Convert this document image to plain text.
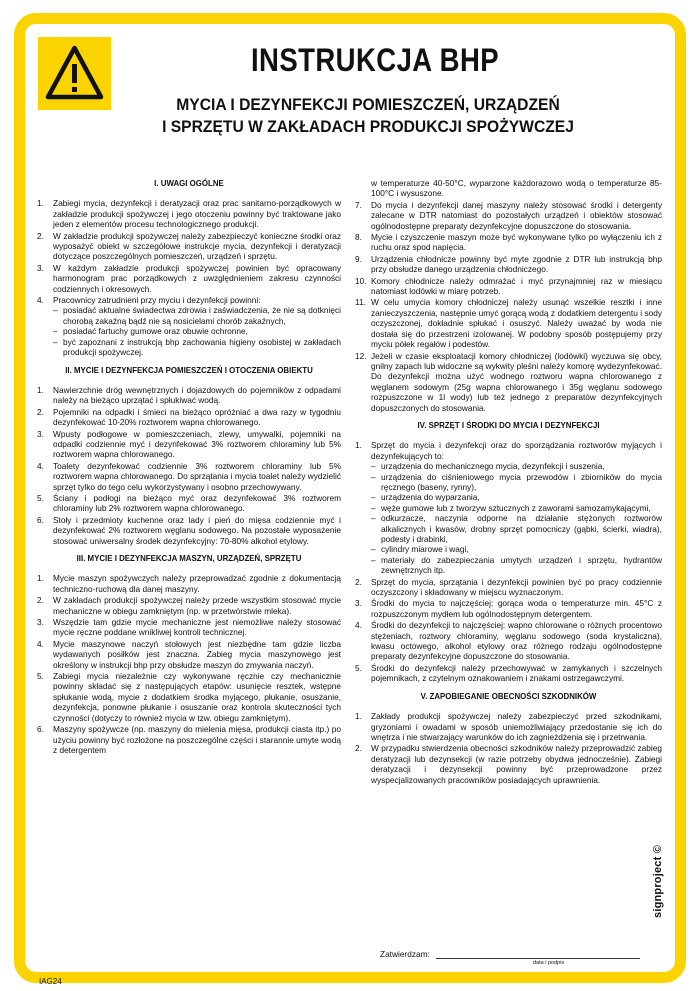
INSTRUKCJA BHP
MYCIA I DEZYNFEKCJI POMIESZCZEŃ, URZĄDZEŃ
I SPRZĘTU W ZAKŁADACH PRODUKCJI SPOŻYWCZEJ
I. UWAGI OGÓLNE
1.	Zabiegi mycia, dezynfekcji i deratyzacji oraz prac sanitarno-porządkowych w zakładzie produkcji spożywczej i jego otoczeniu powinny być traktowane jako jeden z elementów procesu technologicznego produkcji.
2.	W zakładzie produkcji spożywczej należy zabezpieczyć konieczne środki oraz wyposażyć obiekt w szczegółowe instrukcje mycia, dezynfekcji i deratyzacji dotyczące poszczególnych pomieszczeń, urządzeń i sprzętu.
3.	W każdym zakładzie produkcji spożywczej powinien być opracowany harmonogram prac porządkowych z uwzględnieniem zakresu czynności codziennych i okresowych.
4.	Pracownicy zatrudnieni przy myciu i dezynfekcji powinni:
– posiadać aktualne świadectwa zdrowia i zaświadczenia, że nie są dotknięci chorobą zakaźną bądź nie są nosicielami chorób zakaźnych,
– posiadać fartuchy gumowe oraz obuwie ochronne,
– być zapoznani z instrukcją bhp zachowania higieny osobistej w zakładach produkcji spożywczej.
II. MYCIE I DEZYNFEKCJA POMIESZCZEŃ I OTOCZENIA OBIEKTU
1.	Nawierzchnie dróg wewnętrznych i dojazdowych do pojemników z odpadami należy na bieżąco uprzątać i spłukiwać wodą.
2.	Pojemniki na odpadki i śmieci na bieżąco opróżniać a dwa razy w tygodniu dezynfekować 10-20% roztworem wapna chlorowanego.
3.	Wpusty podłogowe w pomieszczeniach, zlewy, umywalki, pojemniki na odpadki codziennie myć i dezynfekować 3% roztworem chloraminy lub 5% roztworem wapna chlorowanego.
4.	Toalety dezynfekować codziennie 3% roztworem chloraminy lub 5% roztworem wapna chlorowanego. Do sprzątania i mycia toalet należy wydzielić sprzęt tylko do tego celu wykorzystywany i osobno przechowywany.
5.	Ściany i podłogi na bieżąco myć oraz dezynfekować 3% roztworem chloraminy lub 2% roztworem wapna chlorowanego.
6.	Stoły i przedmioty kuchenne oraz lady i pień do mięsa codziennie myć i dezynfekować 2% roztworem węglanu sodowego. Na pozostałe wyposażenie stosować uniwersalny środek dezynfekcyjny: 70-80% alkohol etylowy.
III. MYCIE I DEZYNFEKCJA MASZYN, URZĄDZEŃ, SPRZĘTU
1.	Mycie maszyn spożywczych należy przeprowadzać zgodnie z dokumentacją techniczno-ruchową dla danej maszyny.
2.	W zakładach produkcji spożywczej należy przede wszystkim stosować mycie mechaniczne w obiegu zamkniętym (np. w przetwórstwie mleka).
3.	Wszędzie tam gdzie mycie mechaniczne jest niemożliwe należy stosować mycie ręczne poddane wnikliwej kontroli technicznej.
4.	Mycie maszynowe naczyń stołowych jest niezbędne tam gdzie liczba wydawanych posiłków jest znaczna. Zabieg mycia maszynowego jest określony w instrukcji bhp przy obsłudze maszyn do zmywania naczyń.
5.	Zabiegi mycia niezależnie czy wykonywane ręcznie czy mechanicznie powinny składać się z następujących etapów: usunięcie resztek, wstępne spłukanie wodą, mycie z dodatkiem środka myjącego, płukanie, osuszanie, dezynfekcja, ponowne płukanie i osuszanie oraz kontrola skuteczności tych czynności (dotyczy to również mycia w tzw. obiegu zamkniętym).
6.	Maszyny spożywcze (np. maszyny do mielenia mięsa, produkcji ciasta itp.) po użyciu powinny być rozłożone na poszczególne części i starannie umyte wodą z detergentem
w temperaturze 40-50°C, wyparzone każdorazowo wodą o temperaturze 85-100°C i wysuszone.
7.	Do mycia i dezynfekcji danej maszyny należy stosować środki i detergenty zalecane w DTR natomiast do pozostałych urządzeń i obiektów stosować ogólnodostępne preparaty dezynfekcyjne dopuszczone do stosowania.
8.	Mycie i czyszczenie maszyn może być wykonywane tylko po wyłączeniu ich z ruchu oraz spod napięcia.
9.	Urządzenia chłodnicze powinny być myte zgodnie z DTR lub instrukcją bhp przy obsłudze danego urządzenia chłodniczego.
10. Komory chłodnicze należy odmrażać i myć przynajmniej raz w miesiącu natomiast lodówki w miarę potrzeb.
11. W celu umycia komory chłodniczej należy usunąć wszelkie resztki i inne zanieczyszczenia, następnie umyć gorącą wodą z dodatkiem detergentu i sody oczyszczonej, dokładnie spłukać i osuszyć. Należy uważać by woda nie dostała się do przestrzeni izolowanej. W podobny sposób postępujemy przy myciu półek regałów i podestów.
12. Jeżeli w czasie eksploatacji komory chłodniczej (lodówki) wyczuwa się obcy, gnilny zapach lub widoczne są wykwity pleśni należy komorę wydezynfekować. Do dezynfekcji można użyć wodnego roztworu wapna chlorowanego z węglanem sodowym (25g wapna chlorowanego i 35g węglanu sodowego rozpuszczone w 1l wody) lub też jednego z preparatów dezynfekcyjnych dopuszczonych do stosowania.
IV. SPRZĘT I ŚRODKI DO MYCIA I DEZYNFEKCJI
1.	Sprzęt do mycia i dezynfekcji oraz do sporządzania roztworów myjących i dezynfekujących to:
– urządzenia do mechanicznego mycia, dezynfekcji i suszenia,
– urządzenia do ciśnieniowego mycia przewodów i zbiorników do mycia ręcznego (baseny, rynny),
– urządzenia do wyparzania,
– węże gumowe lub z tworzyw sztucznych z zaworami samozamykającymi,
– odkurzacze, naczynia odporne na działanie stężonych roztworów alkalicznych i kwasów, drobny sprzęt pomocniczy (gąbki, ścierki, wiadra), podesty i drabinki,
– cylindry miarowe i wagi,
– materiały do zabezpieczania umytych urządzeń i sprzętu, hydrantów zewnętrznych itp.
2.	Sprzęt do mycia, sprzątania i dezynfekcji powinien być po pracy codziennie oczyszczony i składowany w miejscu wyznaczonym.
3.	Środki do mycia to najczęściej: gorąca woda o temperaturze min. 45°C z rozpuszczonym mydłem lub ogólnodostępnym detergentem.
4.	Środki do dezynfekcji to najczęściej: wapno chlorowane o różnych procentowo stężeniach, roztwory chloraminy, węglanu sodowego (soda krystaliczna), kwasu octowego, alkohol etylowy oraz różnego rodzaju ogólnodostępne preparaty dezynfekcyjne dopuszczone do stosowania.
5.	Środki do dezynfekcji należy przechowywać w zamykanych i szczelnych pojemnikach, z czytelnym oznakowaniem i znakami ostrzegawczymi.
V. ZAPOBIEGANIE OBECNOŚCI SZKODNIKÓW
1.	Zakłady produkcji spożywczej należy zabezpieczyć przed szkodnikami, gryzoniami i owadami w sposób uniemożliwiający przedostanie się ich do wnętrza i nie stwarzający warunków do ich zagnieżdżenia się i przetrwania.
2.	W przypadku stwierdzenia obecności szkodników należy przeprowadzić zabieg deratyzacji lub dezynsekcji (w razie potrzeby obydwa jednocześnie). Zabiegi deratyzacji i dezynsekcji powinny być przeprowadzone przez wyspecjalizowanych pracowników posiadających uprawnienia.
Zatwierdzam:
data i podpis
IAG24
signproject ©
